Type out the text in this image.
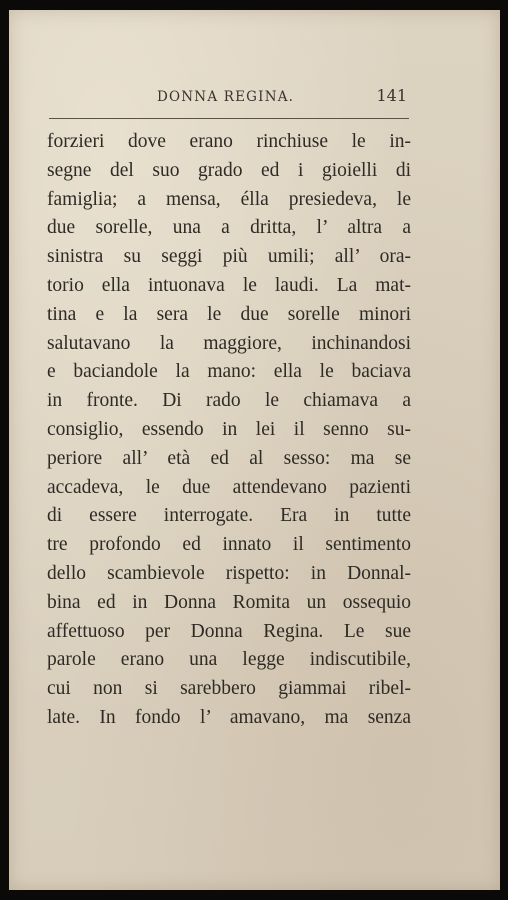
DONNA REGINA.	141
forzieri dove erano rinchiuse le in-
segne del suo grado ed i gioielli di
famiglia; a mensa, élla presiedeva, le
due sorelle, una a dritta, l’ altra a
sinistra su seggi più umili; all’ ora-
torio ella intuonava le laudi. La mat-
tina e la sera le due sorelle minori
salutavano la maggiore, inchinandosi
e baciandole la mano: ella le baciava
in fronte. Di rado le chiamava a
consiglio, essendo in lei il senno su-
periore all’ età ed al sesso: ma se
accadeva, le due attendevano pazienti
di essere interrogate. Era in tutte
tre profondo ed innato il sentimento
dello scambievole rispetto: in Donnal-
bina ed in Donna Romita un ossequio
affettuoso per Donna Regina. Le sue
parole erano una legge indiscutibile,
cui non si sarebbero giammai ribel-
late. In fondo l’ amavano, ma senza
